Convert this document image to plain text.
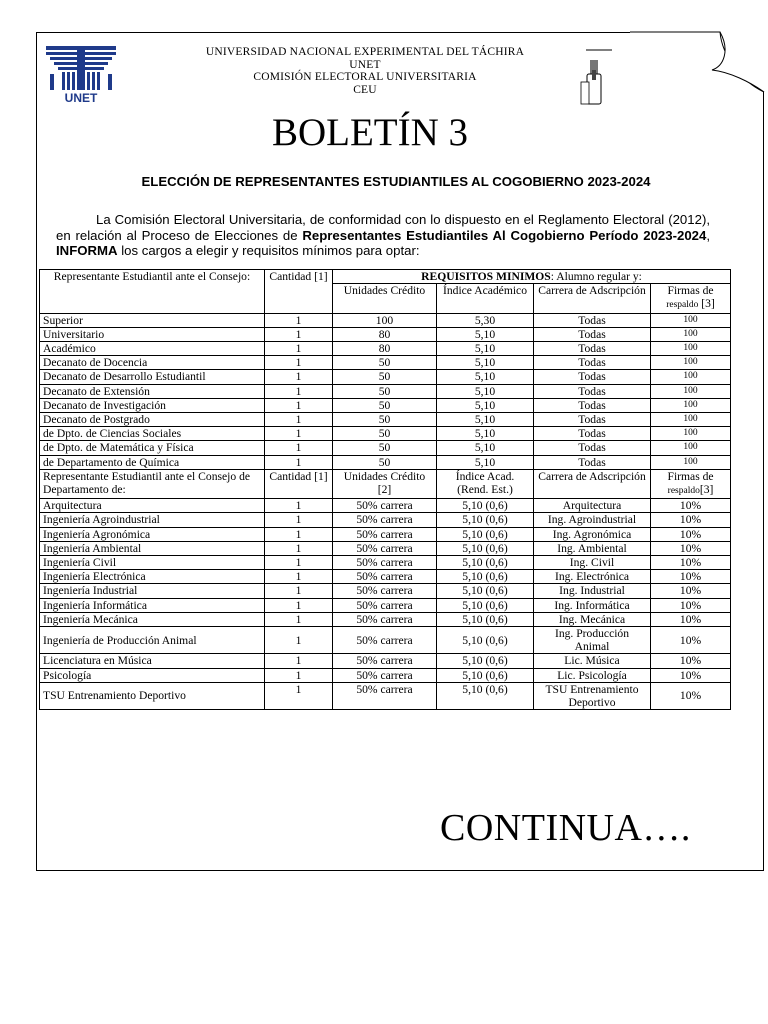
UNET
UNIVERSIDAD NACIONAL EXPERIMENTAL DEL TÁCHIRA
UNET
COMISIÓN ELECTORAL UNIVERSITARIA
CEU
BOLETÍN 3
ELECCIÓN DE REPRESENTANTES ESTUDIANTILES AL COGOBIERNO 2023-2024

La Comisión Electoral Universitaria, de conformidad con lo dispuesto en el Reglamento Electoral (2012), en relación al Proceso de Elecciones de Representantes Estudiantiles Al Cogobierno Período 2023-2024, INFORMA los cargos a elegir y requisitos mínimos para optar:

Representante Estudiantil ante el Consejo:	Cantidad [1]	REQUISITOS MINIMOS: Alumno regular y:			
		Unidades Crédito	Índice Académico	Carrera de Adscripción	Firmas de
respaldo [3]
Superior	1	100	5,30	Todas	100
Universitario	1	80	5,10	Todas	100
Académico	1	80	5,10	Todas	100
Decanato de Docencia	1	50	5,10	Todas	100
Decanato de Desarrollo Estudiantil	1	50	5,10	Todas	100
Decanato de Extensión	1	50	5,10	Todas	100
Decanato de Investigación	1	50	5,10	Todas	100
Decanato de Postgrado	1	50	5,10	Todas	100
de Dpto. de Ciencias Sociales	1	50	5,10	Todas	100
de Dpto. de Matemática y Física	1	50	5,10	Todas	100
de Departamento de Química	1	50	5,10	Todas	100
Representante Estudiantil ante el Consejo de Departamento de:	Cantidad [1]	Unidades Crédito [2]	Índice Acad. (Rend. Est.)	Carrera de Adscripción	Firmas de
respaldo[3]
Arquitectura	1	50% carrera	5,10 (0,6)	Arquitectura	10%
Ingeniería Agroindustrial	1	50% carrera	5,10 (0,6)	Ing. Agroindustrial	10%
Ingeniería Agronómica	1	50% carrera	5,10 (0,6)	Ing. Agronómica	10%
Ingeniería Ambiental	1	50% carrera	5,10 (0,6)	Ing. Ambiental	10%
Ingeniería Civil	1	50% carrera	5,10 (0,6)	Ing. Civil	10%
Ingeniería Electrónica	1	50% carrera	5,10 (0,6)	Ing. Electrónica	10%
Ingeniería Industrial	1	50% carrera	5,10 (0,6)	Ing. Industrial	10%
Ingeniería Informática	1	50% carrera	5,10 (0,6)	Ing. Informática	10%
Ingeniería Mecánica	1	50% carrera	5,10 (0,6)	Ing. Mecánica	10%
Ingeniería de Producción Animal	1	50% carrera	5,10 (0,6)	Ing. Producción Animal	10%
Licenciatura en Música	1	50% carrera	5,10 (0,6)	Lic. Música	10%
Psicología	1	50% carrera	5,10 (0,6)	Lic. Psicología	10%
TSU Entrenamiento Deportivo	1	50% carrera	5,10 (0,6)	TSU Entrenamiento Deportivo	10%
CONTINUA….
